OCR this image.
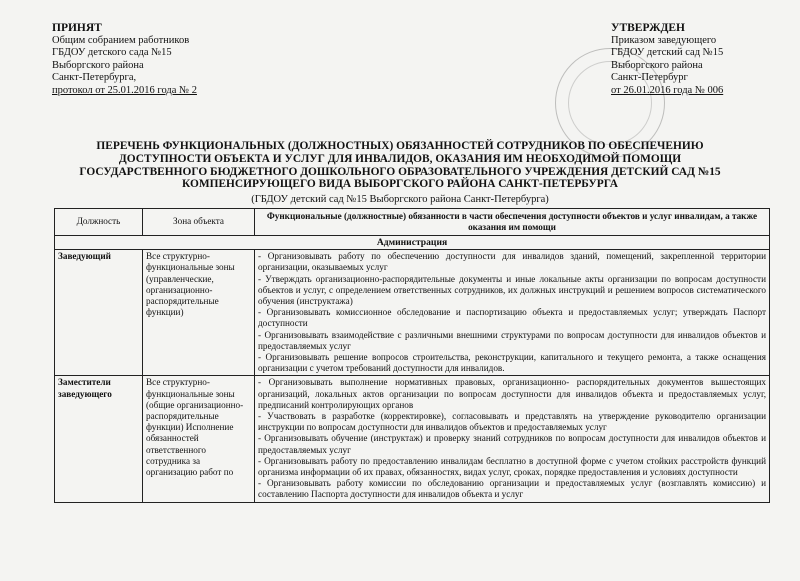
ПРИНЯТ
Общим собранием работников
ГБДОУ детского сада №15
Выборгского района
Санкт-Петербурга,
протокол от 25.01.2016 года № 2
УТВЕРЖДЕН
Приказом заведующего
ГБДОУ детский сад №15
Выборгского района
Санкт-Петербург
от 26.01.2016 года № 006
ПЕРЕЧЕНЬ ФУНКЦИОНАЛЬНЫХ (ДОЛЖНОСТНЫХ) ОБЯЗАННОСТЕЙ СОТРУДНИКОВ ПО ОБЕСПЕЧЕНИЮ
ДОСТУПНОСТИ ОБЪЕКТА И УСЛУГ ДЛЯ ИНВАЛИДОВ, ОКАЗАНИЯ ИМ НЕОБХОДИМОЙ ПОМОЩИ
ГОСУДАРСТВЕННОГО БЮДЖЕТНОГО ДОШКОЛЬНОГО ОБРАЗОВАТЕЛЬНОГО УЧРЕЖДЕНИЯ ДЕТСКИЙ САД №15
КОМПЕНСИРУЮЩЕГО ВИДА ВЫБОРГСКОГО РАЙОНА САНКТ-ПЕТЕРБУРГА
(ГБДОУ детский сад №15 Выборгского района Санкт-Петербурга)
Должность	Зона объекта	Функциональные (должностные) обязанности в части обеспечения доступности объектов и услуг инвалидам, а также оказания им помощи
Администрация		
Заведующий	Все структурно-функциональные зоны (управленческие, организационно-распорядительные функции)	- Организовывать работу по обеспечению доступности для инвалидов зданий, помещений, закрепленной территории организации, оказываемых услуг
- Утверждать организационно-распорядительные документы и иные локальные акты организации по вопросам доступности объектов и услуг, с определением ответственных сотрудников, их должных инструкций и решением вопросов систематического обучения (инструктажа)
- Организовывать комиссионное обследование и паспортизацию объекта и предоставляемых услуг; утверждать Паспорт доступности
- Организовывать взаимодействие с различными внешними структурами по вопросам доступности для инвалидов объектов и предоставляемых услуг
- Организовывать решение вопросов строительства, реконструкции, капитального и текущего ремонта, а также оснащения организации с учетом требований доступности для инвалидов.

Заместители заведующего	Все структурно-функциональные зоны (общие организационно-распорядительные функции) Исполнение обязанностей ответственного сотрудника за организацию работ по	- Организовывать выполнение нормативных правовых, организационно- распорядительных документов вышестоящих организаций, локальных актов организации по вопросам доступности для инвалидов объекта и предоставляемых услуг, предписаний контролирующих органов
- Участвовать в разработке (корректировке), согласовывать и представлять на утверждение руководителю организации инструкции по вопросам доступности для инвалидов объектов и предоставляемых услуг
- Организовывать обучение (инструктаж) и проверку знаний сотрудников по вопросам доступности для инвалидов объектов и предоставляемых услуг
- Организовывать работу по предоставлению инвалидам бесплатно в доступной форме с учетом стойких расстройств функций организма информации об их правах, обязанностях, видах услуг, сроках, порядке предоставления и условиях доступности
- Организовывать работу комиссии по обследованию организации и предоставляемых услуг (возглавлять комиссию) и составлению Паспорта доступности для инвалидов объекта и услуг
